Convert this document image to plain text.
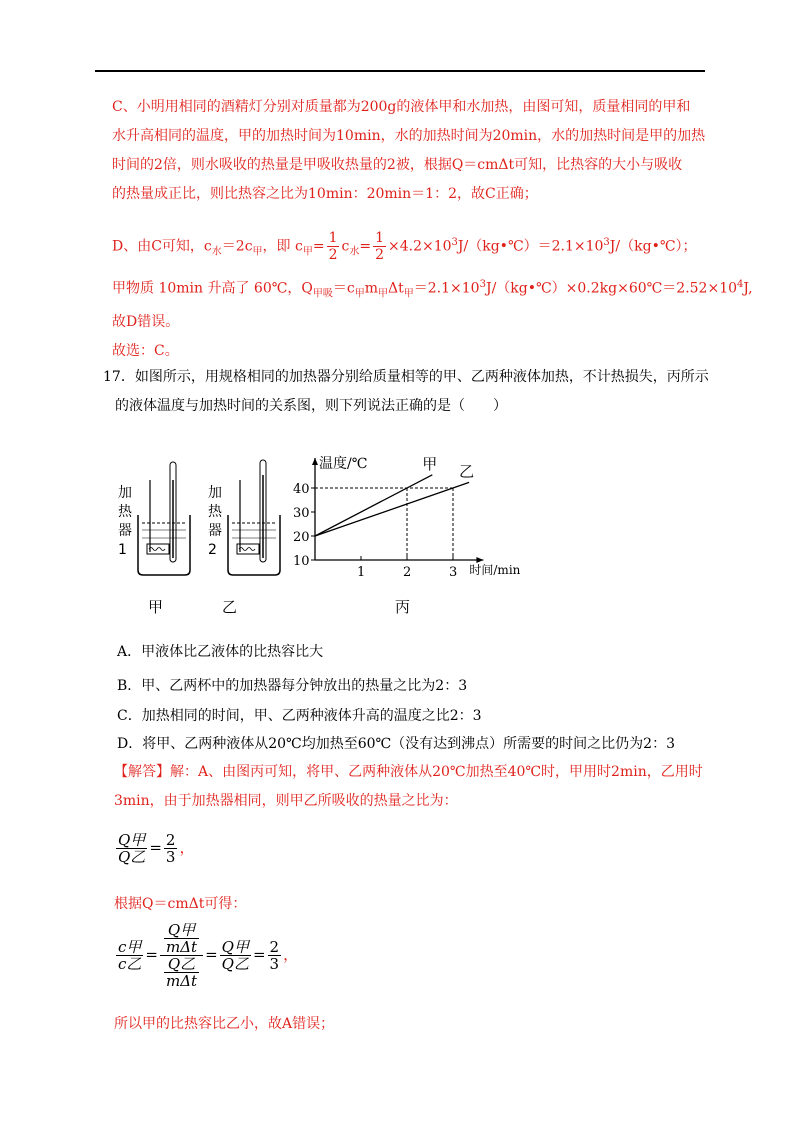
C、小明用相同的酒精灯分别对质量都为200g的液体甲和水加热，由图可知，质量相同的甲和
水升高相同的温度，甲的加热时间为10min，水的加热时间为20min，水的加热时间是甲的加热
时间的2倍，则水吸收的热量是甲吸收热量的2被，根据Q＝cmΔt可知，比热容的大小与吸收
的热量成正比，则比热容之比为10min：20min＝1：2，故C正确；
D、由C可知，$c_水=2c_甲$，即 $c_甲= \frac{1}{2} c_水= \frac{1}{2}$ $\times 4.2\times 10^3J/(kg•℃)=2.1\times 10^3J/(kg•℃)$；
甲物质 10min 升高了 60℃，$Q_{甲吸}=c_甲m_甲\Delta t_甲=2.1\times 10^3J/(kg•℃)\times 0.2kg\times 60℃=2.52\times 10^4J$,
故D错误。
故选：C。
17．如图所示，用规格相同的加热器分别给质量相等的甲、乙两种液体加热，不计热损失，丙所示
的液体温度与加热时间的关系图，则下列说法正确的是（　　）
温度/℃
时间/min
10
20
30
40
1	2	3
甲 乙
加
热
器
1
加
热
器
2
甲	乙	丙
A．甲液体比乙液体的比热容比大
B．甲、乙两杯中的加热器每分钟放出的热量之比为2：3
C．加热相同的时间，甲、乙两种液体升高的温度之比2：3
D．将甲、乙两种液体从20℃均加热至60℃（没有达到沸点）所需要的时间之比仍为2：3
【解答】解：A、由图丙可知，将甲、乙两种液体从20℃加热至40℃时，甲用时2min，乙用时
3min，由于加热器相同，则甲乙所吸收的热量之比为：
$\frac{\text{Q甲}}{\text{Q乙}} = \frac{2}{3}$ ，
根据Q＝cmΔt可得：
$\frac{\text{c甲}}{\text{c乙}} = \frac{\frac{\text{Q甲}}{\text{mΔt}}}{\frac{\text{Q乙}}{\text{mΔt}}} = \frac{\text{Q甲}}{\text{Q乙}} = \frac{2}{3}$ ，
所以甲的比热容比乙小，故A错误；
